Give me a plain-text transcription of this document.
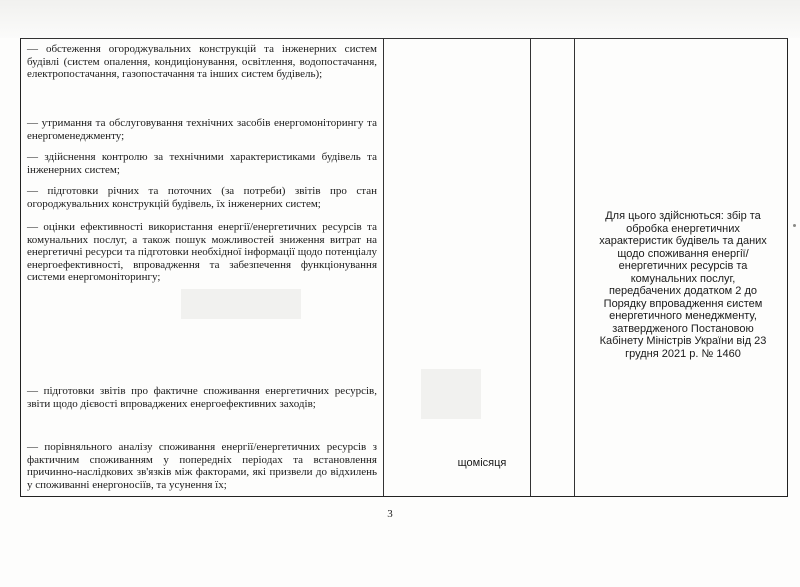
— обстеження огороджувальних конструкцій та інженерних систем будівлі (систем опалення, кондиціонування, освітлення, водопостачання, електропостачання, газопостачання та інших систем будівель);

— утримання та обслуговування технічних засобів енергомоніторингу та енергоменеджменту;

— здійснення контролю за технічними характеристиками будівель та інженерних систем;

— підготовки річних та поточних (за потреби) звітів про стан огороджувальних конструкцій будівель, їх інженерних систем;

— оцінки ефективності використання енергії/енергетичних ресурсів та комунальних послуг, а також пошук можливостей зниження витрат на енергетичні ресурси та підготовки необхідної інформації щодо потенціалу енергоефективності, впровадження та забезпечення функціонування системи енергомоніторингу;

— підготовки звітів про фактичне споживання енергетичних ресурсів, звіти щодо дієвості впроваджених енергоефективних заходів;

— порівняльного аналізу споживання енергії/енергетичних ресурсів з фактичним споживанням у попередніх періодах та встановлення причинно-наслідкових зв'язків між факторами, які призвели до відхилень у споживанні енергоносіїв, та усунення їх;

щомісяця
Для цього здійснються: збір та обробка енергетичних характеристик будівель та даних щодо споживання енергії/енергетичних ресурсів та комунальних послуг, передбачених додатком 2 до Порядку впровадження єистем енергетичного менеджменту, затвердженого Постановою Кабінету Міністрів України від 23 грудня 2021 р. № 1460
3
